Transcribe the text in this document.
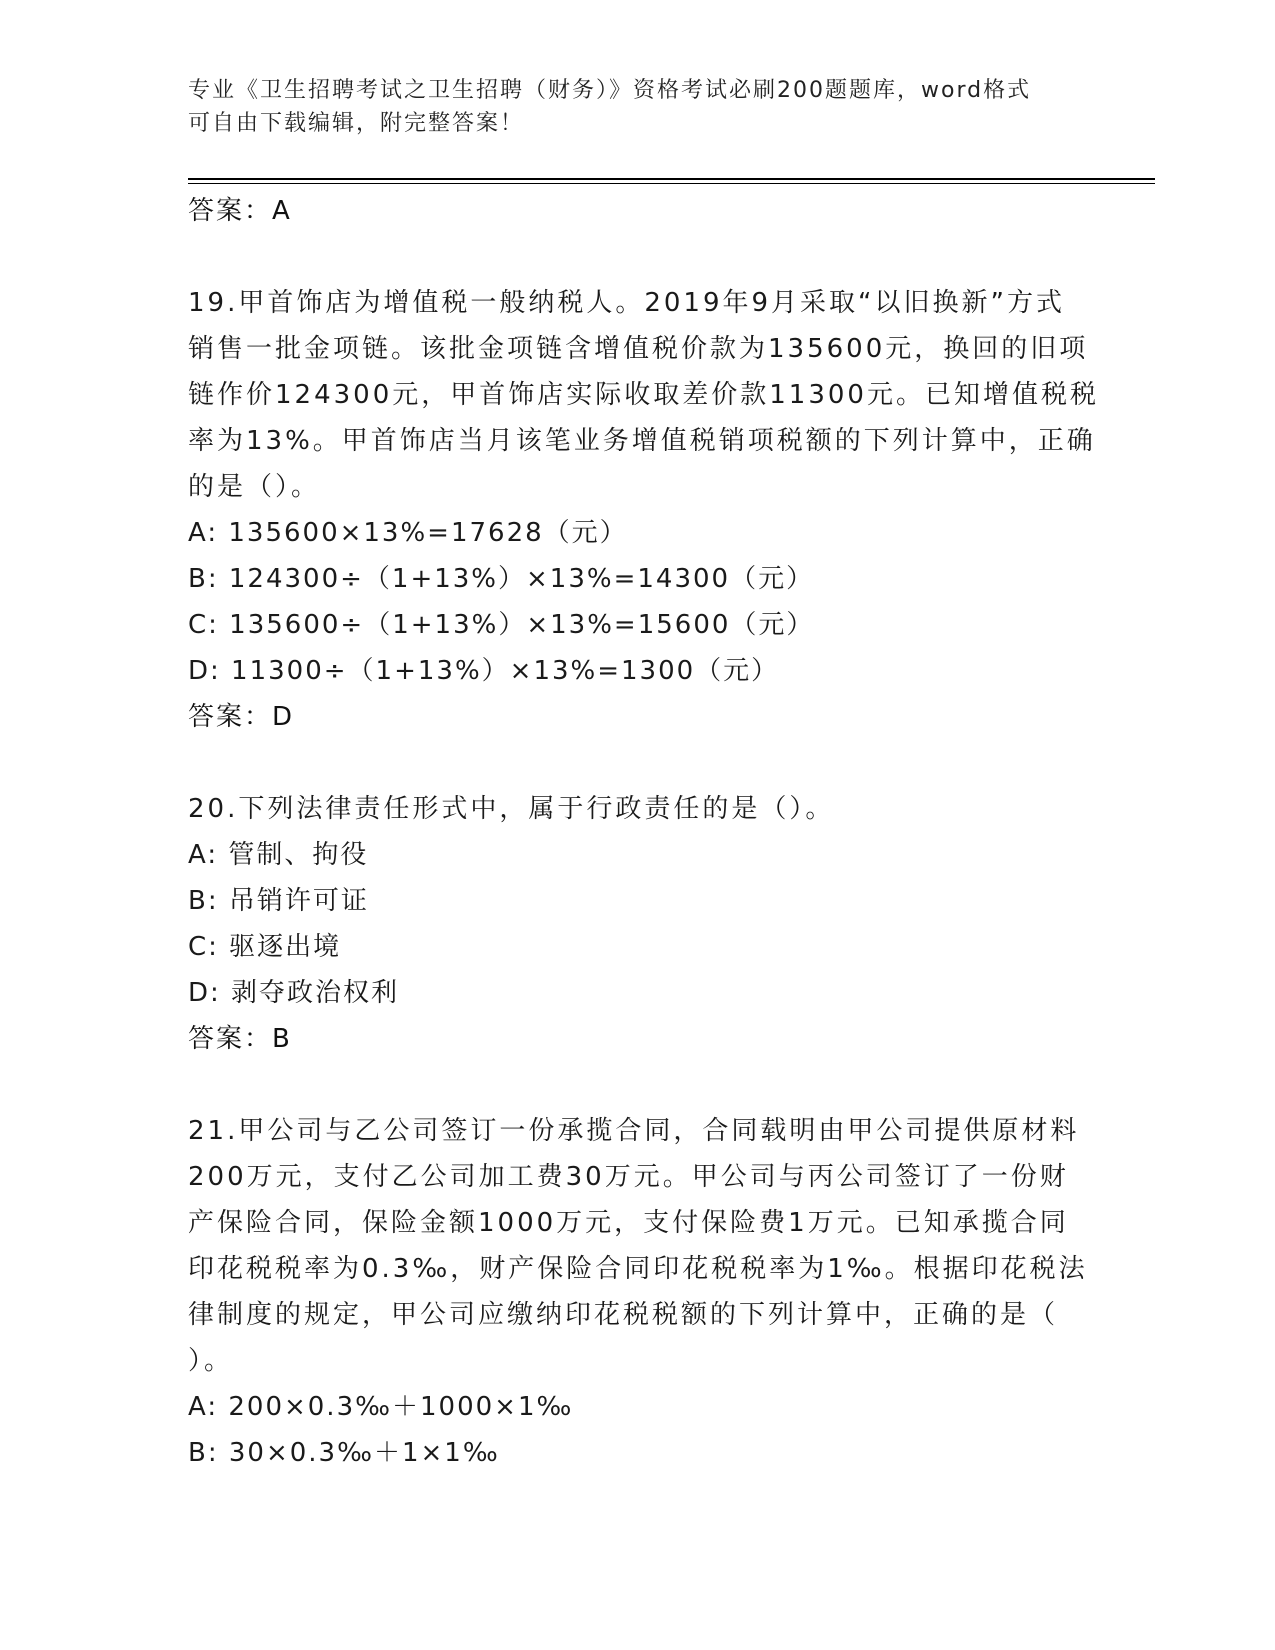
专业《卫生招聘考试之卫生招聘（财务）》资格考试必刷200题题库，word格式
可自由下载编辑，附完整答案！
答案：A
19.甲首饰店为增值税一般纳税人。2019年9月采取“以旧换新”方式
销售一批金项链。该批金项链含增值税价款为135600元，换回的旧项
链作价124300元，甲首饰店实际收取差价款11300元。已知增值税税
率为13%。甲首饰店当月该笔业务增值税销项税额的下列计算中，正确
的是（）。
A: 135600×13%=17628（元）
B: 124300÷（1+13%）×13%=14300（元）
C: 135600÷（1+13%）×13%=15600（元）
D: 11300÷（1+13%）×13%=1300（元）
答案：D
20.下列法律责任形式中，属于行政责任的是（）。
A: 管制、拘役
B: 吊销许可证
C: 驱逐出境
D: 剥夺政治权利
答案：B
21.甲公司与乙公司签订一份承揽合同，合同载明由甲公司提供原材料
200万元，支付乙公司加工费30万元。甲公司与丙公司签订了一份财
产保险合同，保险金额1000万元，支付保险费1万元。已知承揽合同
印花税税率为0.3‰，财产保险合同印花税税率为1‰。根据印花税法
律制度的规定，甲公司应缴纳印花税税额的下列计算中，正确的是（
）。
A: 200×0.3‰＋1000×1‰
B: 30×0.3‰＋1×1‰
